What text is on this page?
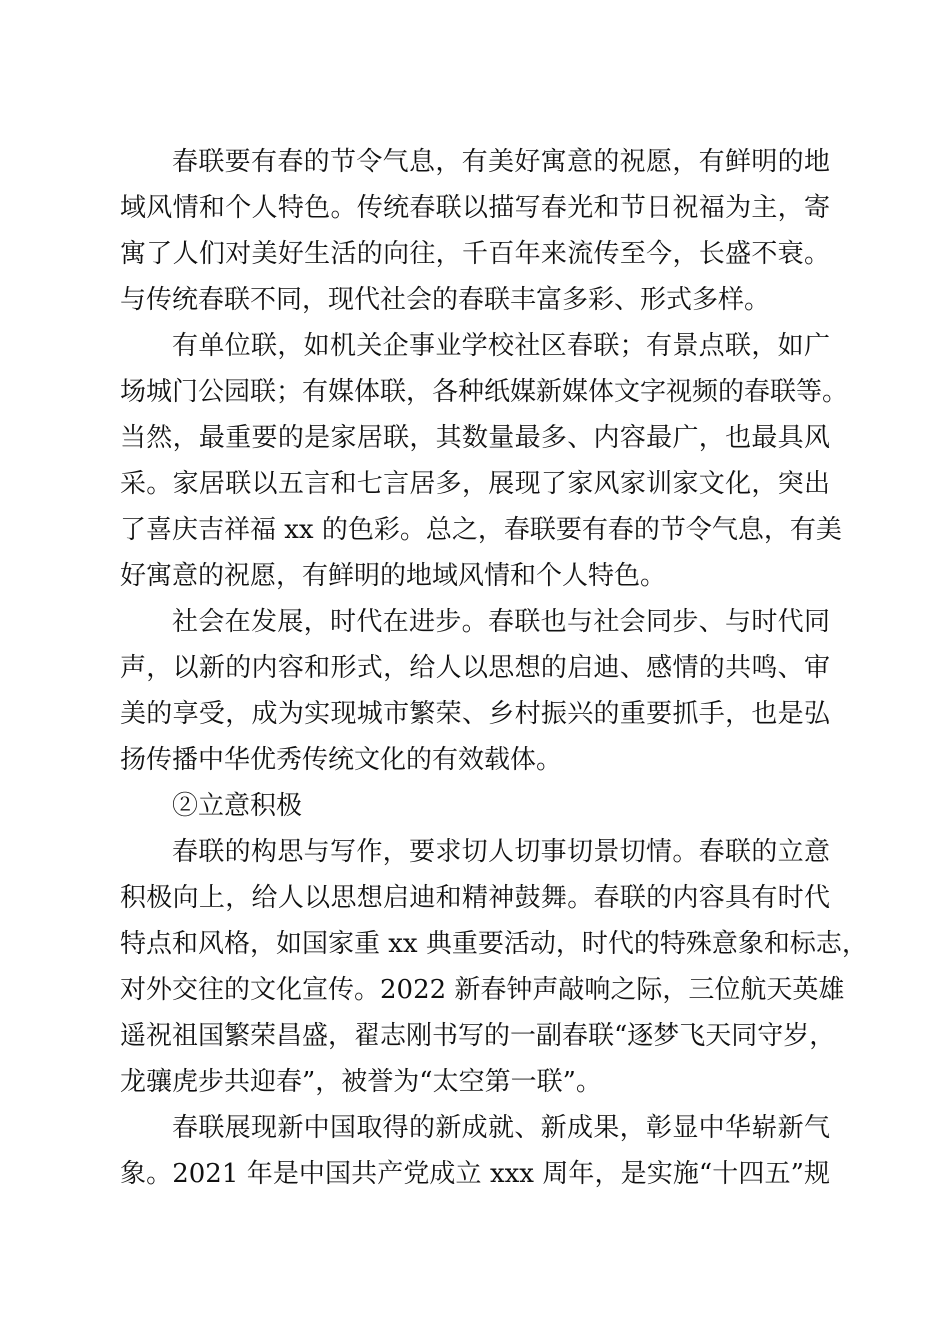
春联要有春的节令气息，有美好寓意的祝愿，有鲜明的地
域风情和个人特色。传统春联以描写春光和节日祝福为主，寄
寓了人们对美好生活的向往，千百年来流传至今，长盛不衰。
与传统春联不同，现代社会的春联丰富多彩、形式多样。
有单位联，如机关企事业学校社区春联；有景点联，如广
场城门公园联；有媒体联，各种纸媒新媒体文字视频的春联等。
当然，最重要的是家居联，其数量最多、内容最广，也最具风
采。家居联以五言和七言居多，展现了家风家训家文化，突出
了喜庆吉祥福 xx 的色彩。总之，春联要有春的节令气息，有美
好寓意的祝愿，有鲜明的地域风情和个人特色。
社会在发展，时代在进步。春联也与社会同步、与时代同
声，以新的内容和形式，给人以思想的启迪、感情的共鸣、审
美的享受，成为实现城市繁荣、乡村振兴的重要抓手，也是弘
扬传播中华优秀传统文化的有效载体。
②立意积极
春联的构思与写作，要求切人切事切景切情。春联的立意
积极向上，给人以思想启迪和精神鼓舞。春联的内容具有时代
特点和风格，如国家重 xx 典重要活动，时代的特殊意象和标志，
对外交往的文化宣传。2022 新春钟声敲响之际，三位航天英雄
遥祝祖国繁荣昌盛，翟志刚书写的一副春联“逐梦飞天同守岁，
龙骧虎步共迎春”，被誉为“太空第一联”。
春联展现新中国取得的新成就、新成果，彰显中华崭新气
象。2021 年是中国共产党成立 xxx 周年，是实施“十四五”规
